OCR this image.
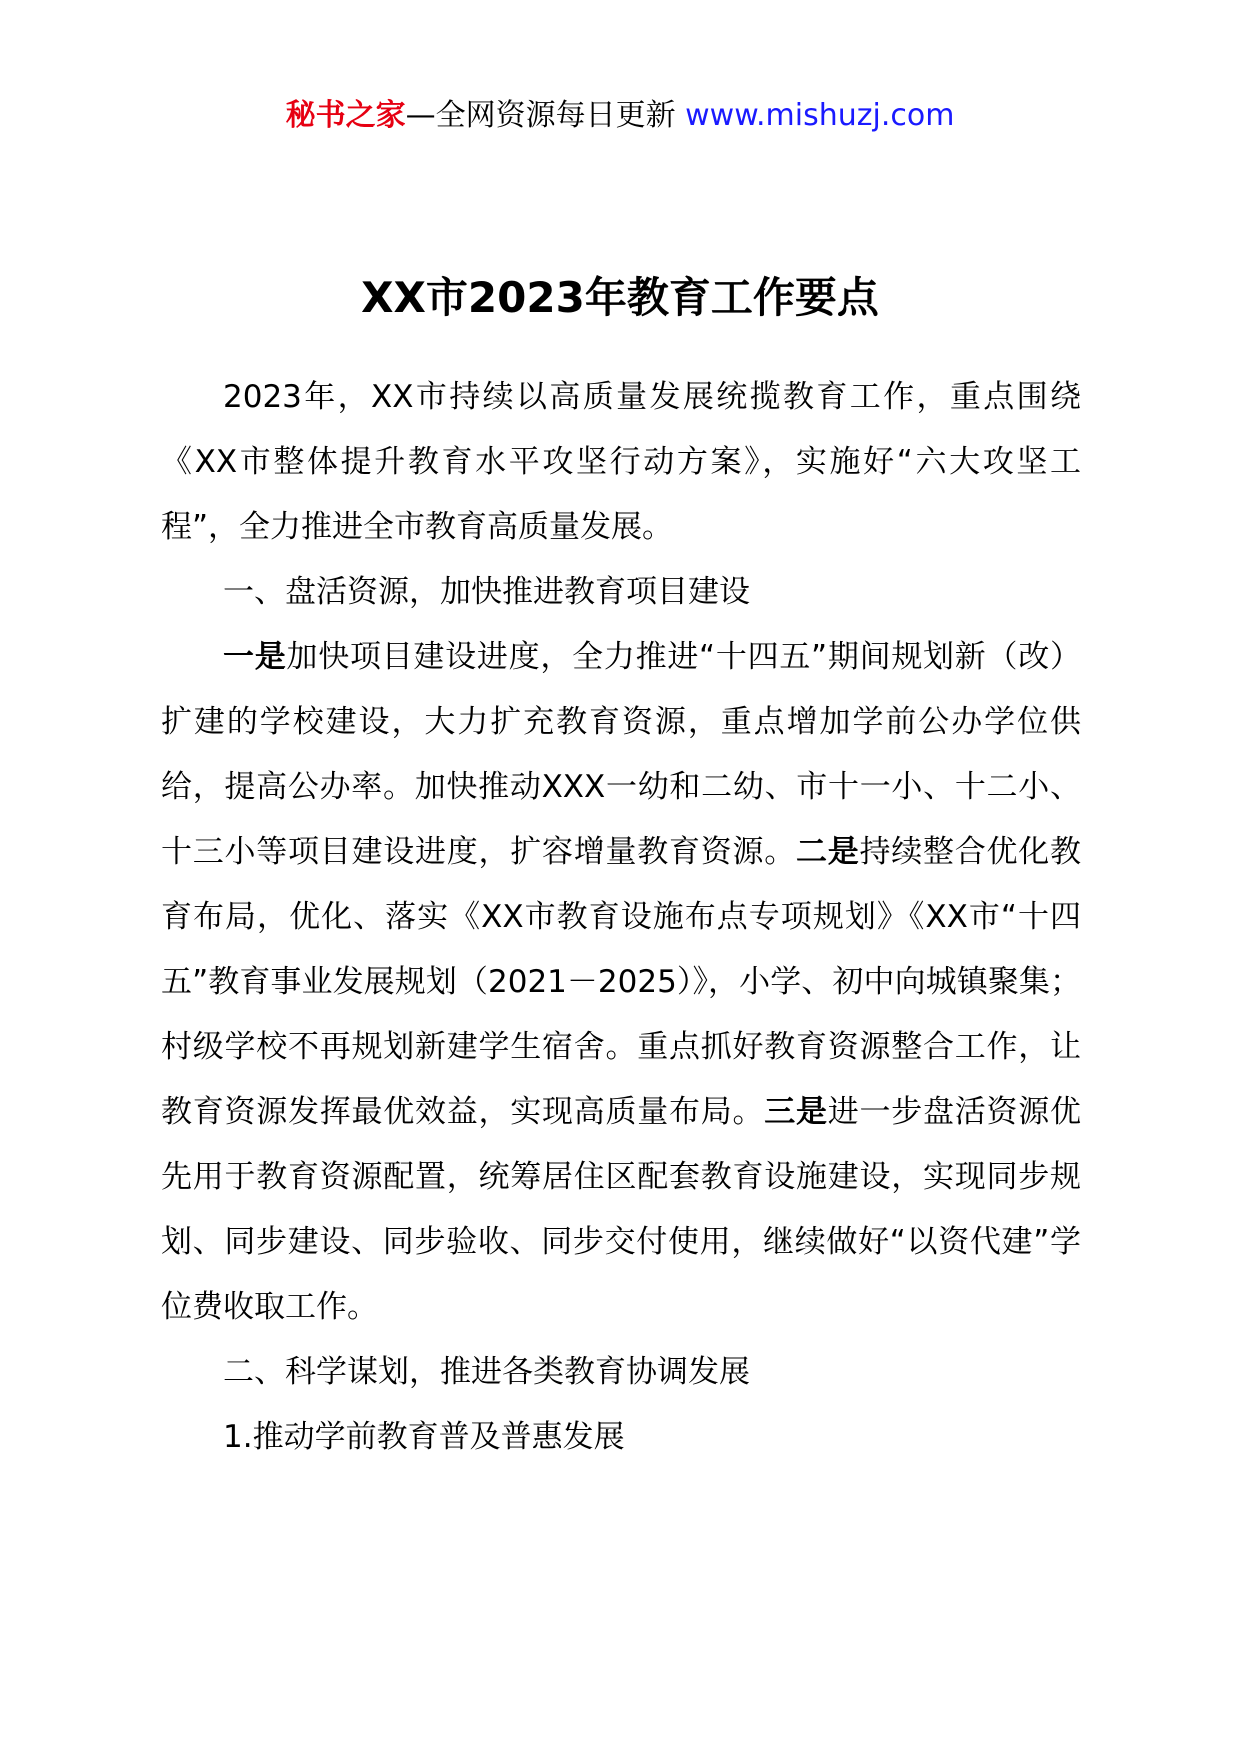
秘书之家—全网资源每日更新 www.mishuzj.com
XX市2023年教育工作要点

2023年，XX市持续以高质量发展统揽教育工作，重点围绕《XX市整体提升教育水平攻坚行动方案》，实施好“六大攻坚工程”，全力推进全市教育高质量发展。

一、盘活资源，加快推进教育项目建设

一是加快项目建设进度，全力推进“十四五”期间规划新（改）扩建的学校建设，大力扩充教育资源，重点增加学前公办学位供给，提高公办率。加快推动XXX一幼和二幼、市十一小、十二小、十三小等项目建设进度，扩容增量教育资源。二是持续整合优化教育布局，优化、落实《XX市教育设施布点专项规划》《XX市“十四五”教育事业发展规划（2021－2025）》，小学、初中向城镇聚集；村级学校不再规划新建学生宿舍。重点抓好教育资源整合工作，让教育资源发挥最优效益，实现高质量布局。三是进一步盘活资源优先用于教育资源配置，统筹居住区配套教育设施建设，实现同步规划、同步建设、同步验收、同步交付使用，继续做好“以资代建”学位费收取工作。

二、科学谋划，推进各类教育协调发展

1.推动学前教育普及普惠发展
